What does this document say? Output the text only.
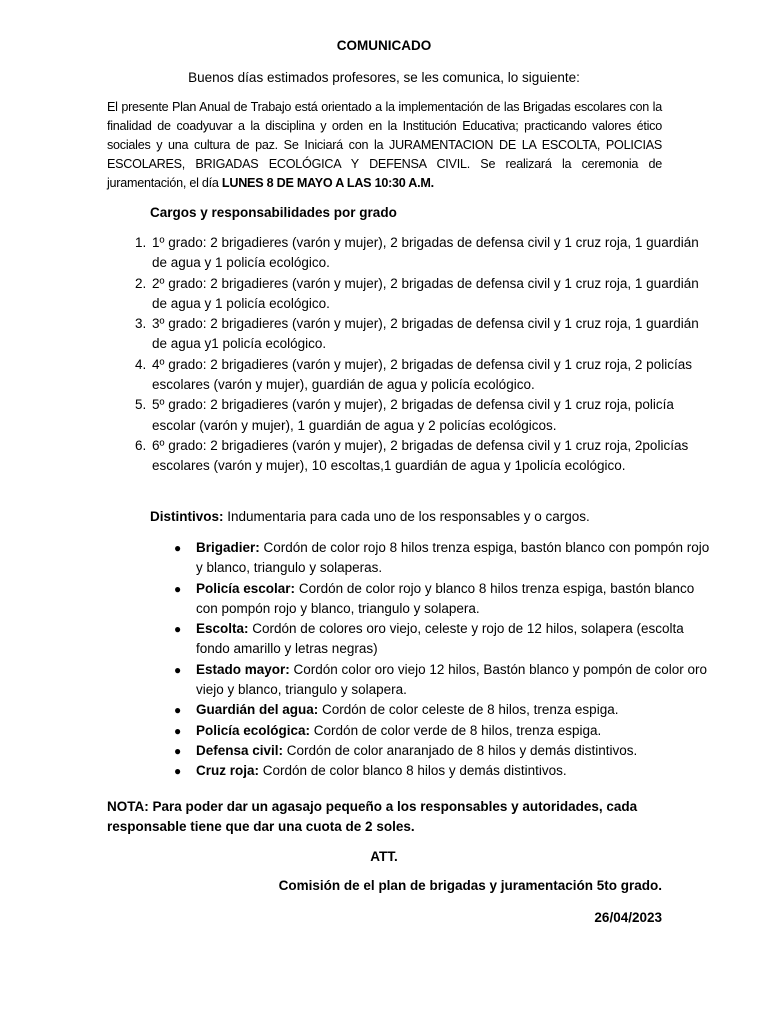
COMUNICADO
Buenos días estimados profesores, se les comunica, lo siguiente:
El presente Plan Anual de Trabajo está orientado a la implementación de las Brigadas escolares con la finalidad de coadyuvar a la disciplina y orden en la Institución Educativa; practicando valores ético sociales y una cultura de paz. Se Iniciará con la JURAMENTACION DE LA ESCOLTA, POLICIAS ESCOLARES, BRIGADAS ECOLÓGICA Y DEFENSA CIVIL. Se realizará la ceremonia de juramentación, el día LUNES 8 DE MAYO A LAS 10:30 A.M.
Cargos y responsabilidades por grado
1. 1º grado: 2 brigadieres (varón y mujer), 2 brigadas de defensa civil y 1 cruz roja, 1 guardián de agua y 1 policía ecológico.
2. 2º grado: 2 brigadieres (varón y mujer), 2 brigadas de defensa civil y 1 cruz roja, 1 guardián de agua y 1 policía ecológico.
3. 3º grado: 2 brigadieres (varón y mujer), 2 brigadas de defensa civil y 1 cruz roja, 1 guardián de agua y1 policía ecológico.
4. 4º grado: 2 brigadieres (varón y mujer), 2 brigadas de defensa civil y 1 cruz roja, 2 policías escolares (varón y mujer), guardián de agua y policía ecológico.
5. 5º grado: 2 brigadieres (varón y mujer), 2 brigadas de defensa civil y 1 cruz roja, policía escolar (varón y mujer), 1 guardián de agua y 2 policías ecológicos.
6. 6º grado: 2 brigadieres (varón y mujer), 2 brigadas de defensa civil y 1 cruz roja, 2policías escolares (varón y mujer), 10 escoltas,1 guardián de agua y 1policía ecológico.
Distintivos: Indumentaria para cada uno de los responsables y o cargos.
● Brigadier: Cordón de color rojo 8 hilos trenza espiga, bastón blanco con pompón rojo y blanco, triangulo y solaperas.
● Policía escolar: Cordón de color rojo y blanco 8 hilos trenza espiga, bastón blanco con pompón rojo y blanco, triangulo y solapera.
● Escolta: Cordón de colores oro viejo, celeste y rojo de 12 hilos, solapera (escolta fondo amarillo y letras negras)
● Estado mayor: Cordón color oro viejo 12 hilos, Bastón blanco y pompón de color oro viejo y blanco, triangulo y solapera.
● Guardián del agua: Cordón de color celeste de 8 hilos, trenza espiga.
● Policía ecológica: Cordón de color verde de 8 hilos, trenza espiga.
● Defensa civil: Cordón de color anaranjado de 8 hilos y demás distintivos.
● Cruz roja: Cordón de color blanco 8 hilos y demás distintivos.
NOTA: Para poder dar un agasajo pequeño a los responsables y autoridades, cada responsable tiene que dar una cuota de 2 soles.
ATT.
Comisión de el plan de brigadas y juramentación 5to grado.
26/04/2023
